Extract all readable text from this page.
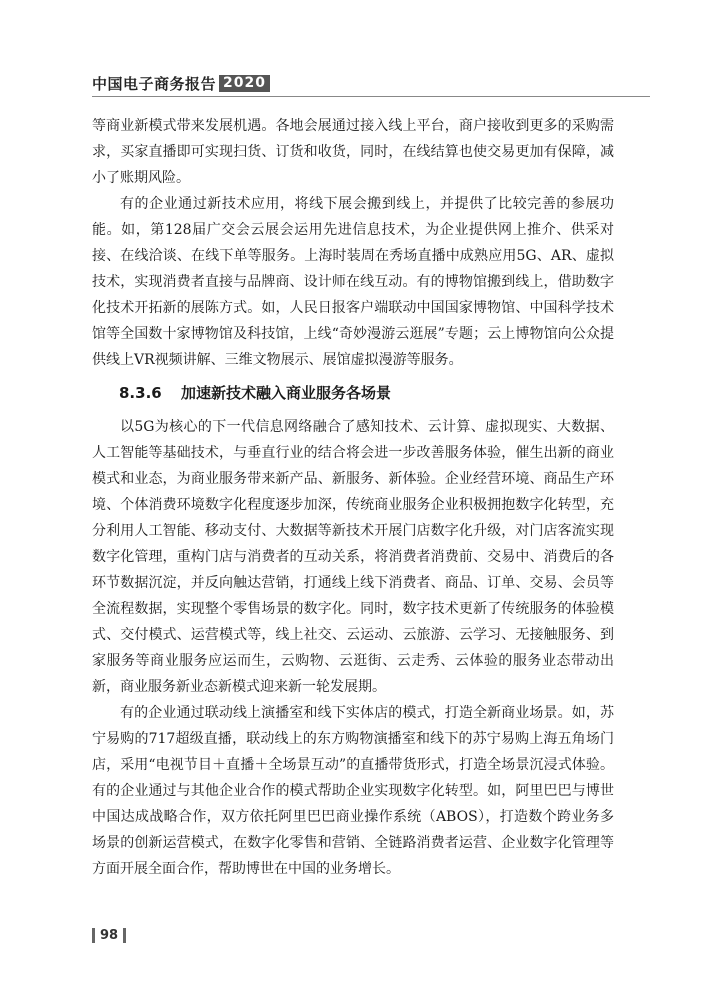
中国电子商务报告 2020

等商业新模式带来发展机遇。各地会展通过接入线上平台，商户接收到更多的采购需求，买家直播即可实现扫货、订货和收货，同时，在线结算也使交易更加有保障，减小了账期风险。

有的企业通过新技术应用，将线下展会搬到线上，并提供了比较完善的参展功能。如，第128届广交会云展会运用先进信息技术，为企业提供网上推介、供采对接、在线洽谈、在线下单等服务。上海时装周在秀场直播中成熟应用5G、AR、虚拟技术，实现消费者直接与品牌商、设计师在线互动。有的博物馆搬到线上，借助数字化技术开拓新的展陈方式。如，人民日报客户端联动中国国家博物馆、中国科学技术馆等全国数十家博物馆及科技馆，上线“奇妙漫游云逛展”专题；云上博物馆向公众提供线上VR视频讲解、三维文物展示、展馆虚拟漫游等服务。

8.3.6 加速新技术融入商业服务各场景

以5G为核心的下一代信息网络融合了感知技术、云计算、虚拟现实、大数据、人工智能等基础技术，与垂直行业的结合将会进一步改善服务体验，催生出新的商业模式和业态，为商业服务带来新产品、新服务、新体验。企业经营环境、商品生产环境、个体消费环境数字化程度逐步加深，传统商业服务企业积极拥抱数字化转型，充分利用人工智能、移动支付、大数据等新技术开展门店数字化升级，对门店客流实现数字化管理，重构门店与消费者的互动关系，将消费者消费前、交易中、消费后的各环节数据沉淀，并反向触达营销，打通线上线下消费者、商品、订单、交易、会员等全流程数据，实现整个零售场景的数字化。同时，数字技术更新了传统服务的体验模式、交付模式、运营模式等，线上社交、云运动、云旅游、云学习、无接触服务、到家服务等商业服务应运而生，云购物、云逛街、云走秀、云体验的服务业态带动出新，商业服务新业态新模式迎来新一轮发展期。

有的企业通过联动线上演播室和线下实体店的模式，打造全新商业场景。如，苏宁易购的717超级直播，联动线上的东方购物演播室和线下的苏宁易购上海五角场门店，采用“电视节目＋直播＋全场景互动”的直播带货形式，打造全场景沉浸式体验。有的企业通过与其他企业合作的模式帮助企业实现数字化转型。如，阿里巴巴与博世中国达成战略合作，双方依托阿里巴巴商业操作系统（ABOS），打造数个跨业务多场景的创新运营模式，在数字化零售和营销、全链路消费者运营、企业数字化管理等方面开展全面合作，帮助博世在中国的业务增长。

98
